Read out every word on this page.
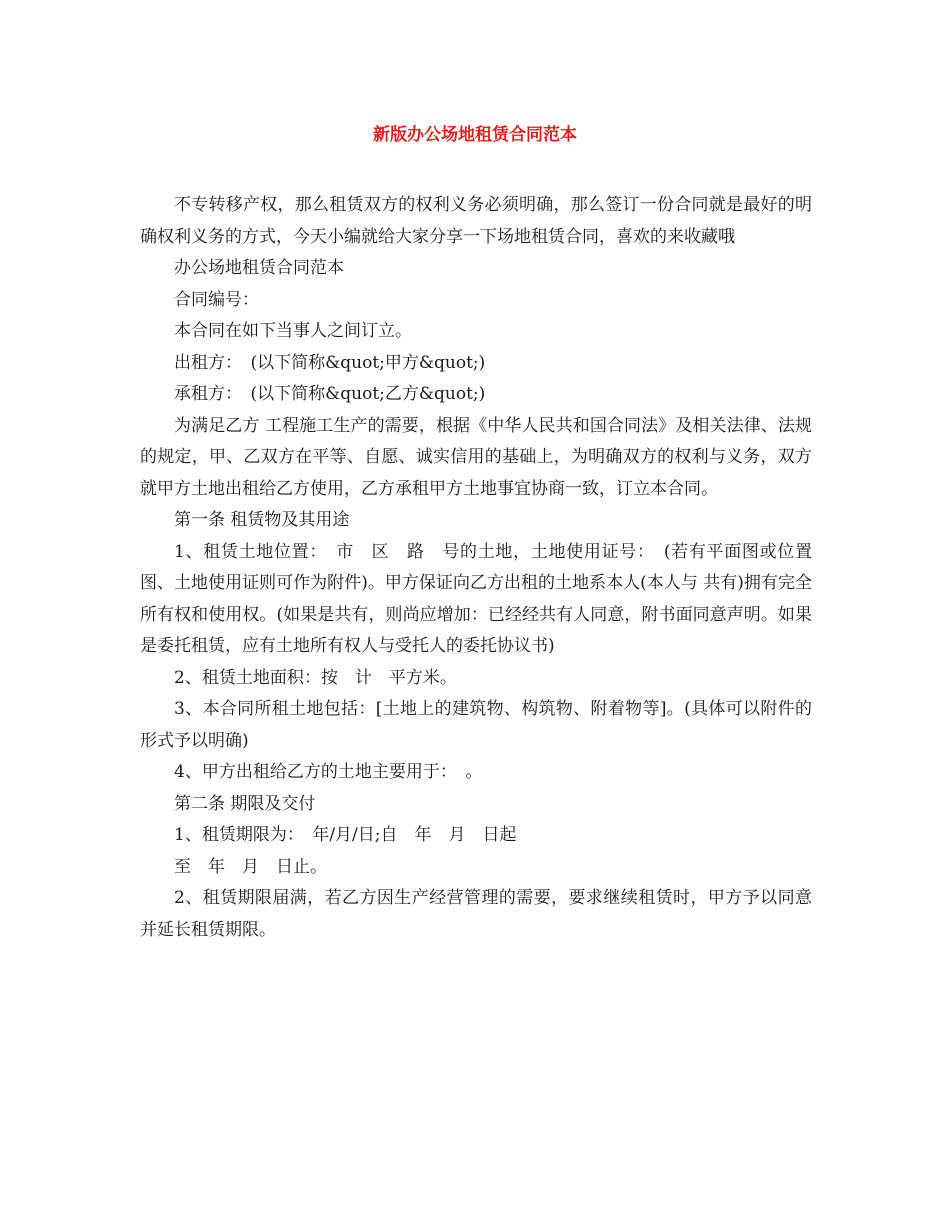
新版办公场地租赁合同范本

不专转移产权，那么租赁双方的权利义务必须明确，那么签订一份合同就是最好的明确权利义务的方式，今天小编就给大家分享一下场地租赁合同，喜欢的来收藏哦

办公场地租赁合同范本

合同编号：

本合同在如下当事人之间订立。

出租方：　(以下简称&quot;甲方&quot;)

承租方：　(以下简称&quot;乙方&quot;)

为满足乙方 工程施工生产的需要，根据《中华人民共和国合同法》及相关法律、法规的规定，甲、乙双方在平等、自愿、诚实信用的基础上，为明确双方的权利与义务，双方就甲方土地出租给乙方使用，乙方承租甲方土地事宜协商一致，订立本合同。

第一条 租赁物及其用途

1、租赁土地位置：　市　区　路　号的土地，土地使用证号：　(若有平面图或位置图、土地使用证则可作为附件)。甲方保证向乙方出租的土地系本人(本人与 共有)拥有完全所有权和使用权。(如果是共有，则尚应增加：已经经共有人同意，附书面同意声明。如果是委托租赁，应有土地所有权人与受托人的委托协议书)

2、租赁土地面积：按　计　平方米。

3、本合同所租土地包括：[土地上的建筑物、构筑物、附着物等]。(具体可以附件的形式予以明确)

4、甲方出租给乙方的土地主要用于：　。

第二条 期限及交付

1、租赁期限为：　年/月/日;自　年　月　日起

至　年　月　日止。

2、租赁期限届满，若乙方因生产经营管理的需要，要求继续租赁时，甲方予以同意并延长租赁期限。
